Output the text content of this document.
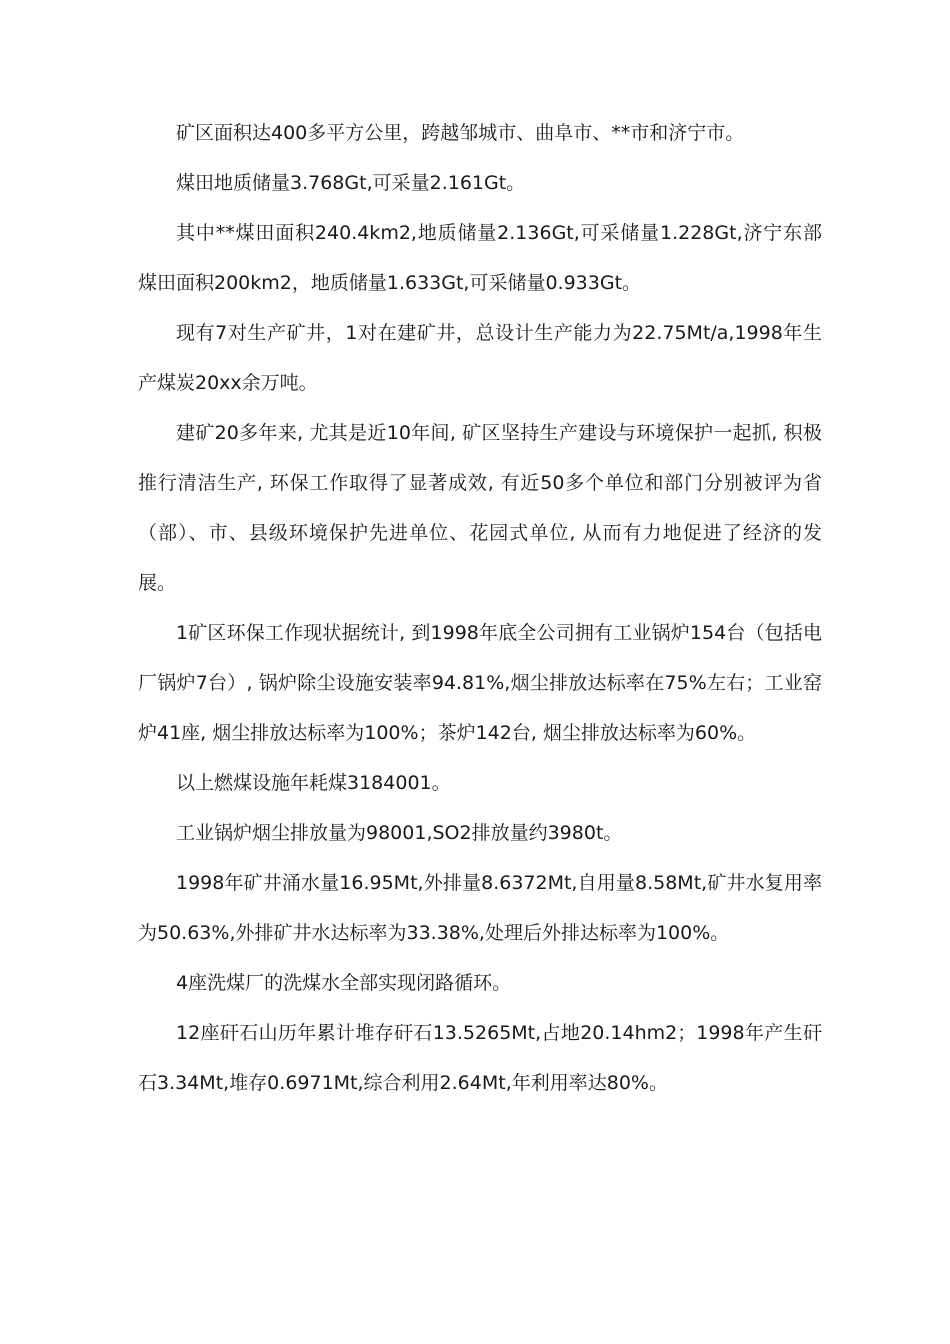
矿区面积达400多平方公里，跨越邹城市、曲阜市、**市和济宁市。

煤田地质储量3.768Gt,可采量2.161Gt。

其中**煤田面积240.4km2,地质储量2.136Gt,可采储量1.228Gt,济宁东部煤田面积200km2，地质储量1.633Gt,可采储量0.933Gt。

现有7对生产矿井，1对在建矿井，总设计生产能力为22.75Mt/a,1998年生产煤炭20xx余万吨。

建矿20多年来, 尤其是近10年间, 矿区坚持生产建设与环境保护一起抓, 积极推行清洁生产, 环保工作取得了显著成效, 有近50多个单位和部门分别被评为省（部）、市、县级环境保护先进单位、花园式单位, 从而有力地促进了经济的发展。

1矿区环保工作现状据统计, 到1998年底全公司拥有工业锅炉154台（包括电厂锅炉7台）, 锅炉除尘设施安装率94.81%,烟尘排放达标率在75%左右；工业窑炉41座, 烟尘排放达标率为100%；茶炉142台, 烟尘排放达标率为60%。

以上燃煤设施年耗煤3184001。

工业锅炉烟尘排放量为98001,SO2排放量约3980t。

1998年矿井涌水量16.95Mt,外排量8.6372Mt,自用量8.58Mt,矿井水复用率为50.63%,外排矿井水达标率为33.38%,处理后外排达标率为100%。

4座洗煤厂的洗煤水全部实现闭路循环。

12座矸石山历年累计堆存矸石13.5265Mt,占地20.14hm2；1998年产生矸石3.34Mt,堆存0.6971Mt,综合利用2.64Mt,年利用率达80%。
